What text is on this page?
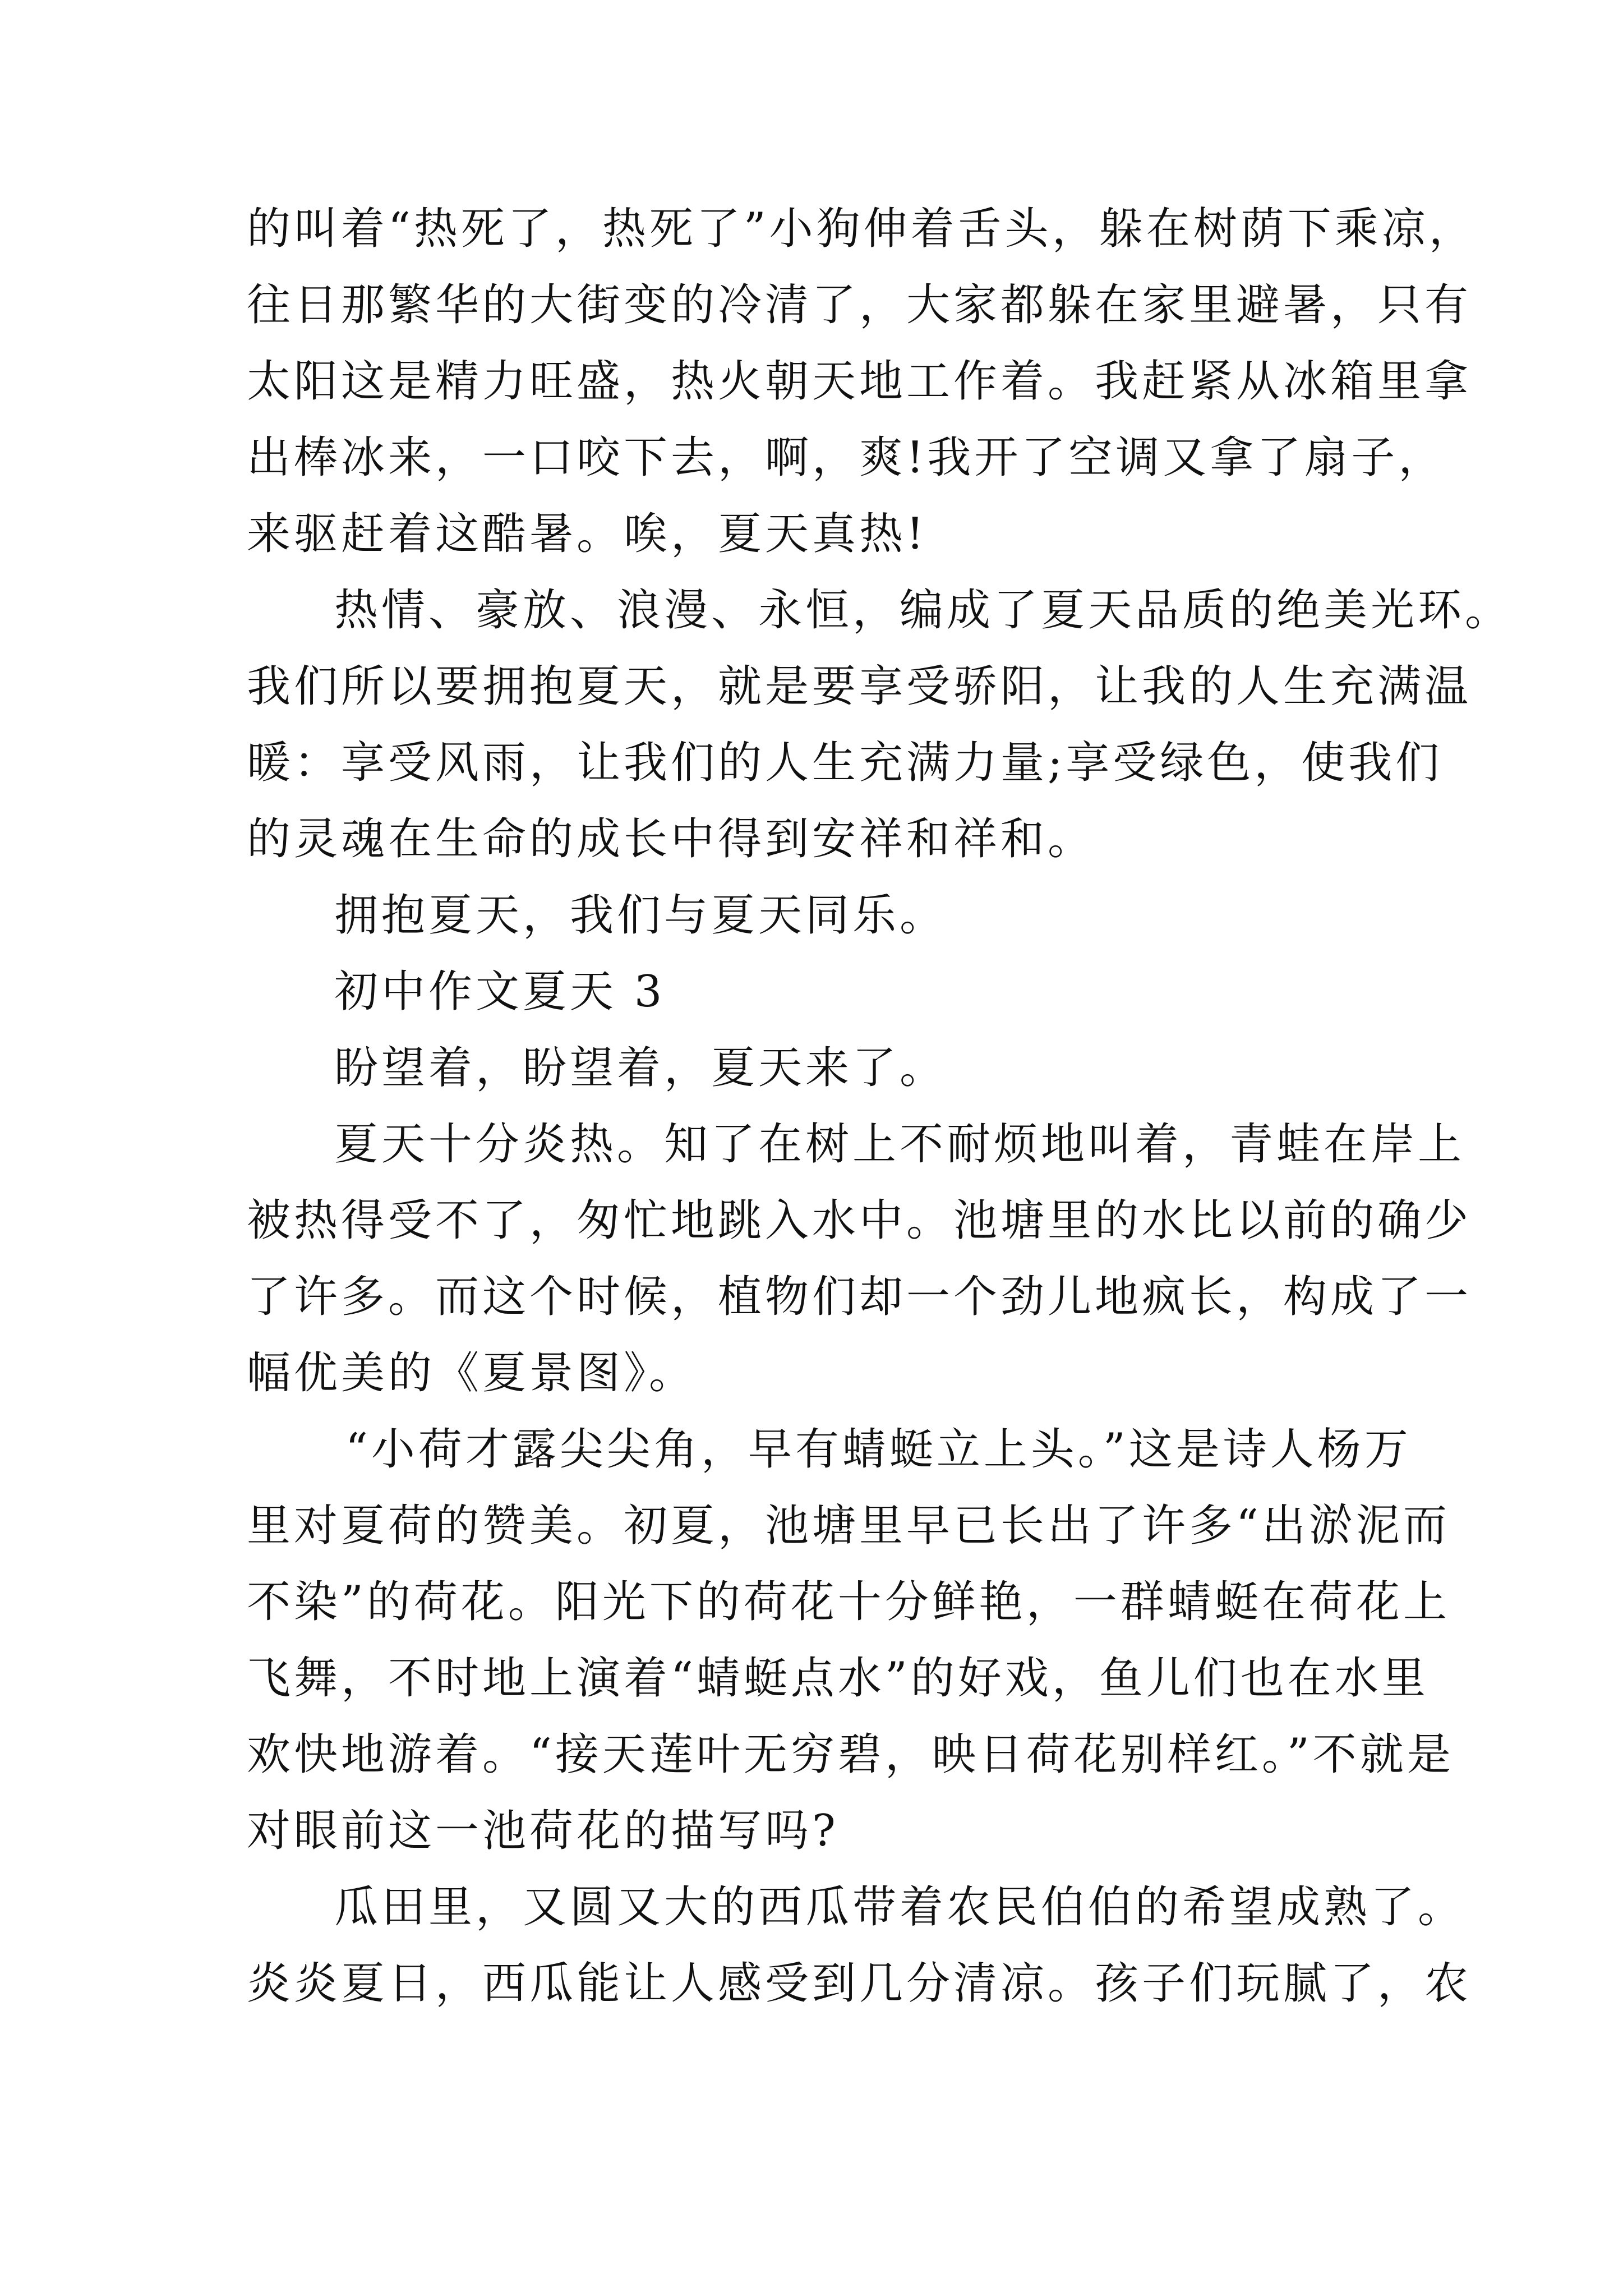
的叫着“热死了，热死了”小狗伸着舌头，躲在树荫下乘凉，
往日那繁华的大街变的冷清了，大家都躲在家里避暑，只有
太阳这是精力旺盛，热火朝天地工作着。我赶紧从冰箱里拿
出棒冰来，一口咬下去，啊，爽!我开了空调又拿了扇子，
来驱赶着这酷暑。唉，夏天真热!
热情、豪放、浪漫、永恒，编成了夏天品质的绝美光环。
我们所以要拥抱夏天，就是要享受骄阳，让我的人生充满温
暖：享受风雨，让我们的人生充满力量;享受绿色，使我们
的灵魂在生命的成长中得到安祥和祥和。
拥抱夏天，我们与夏天同乐。
初中作文夏天 3
盼望着，盼望着，夏天来了。
夏天十分炎热。知了在树上不耐烦地叫着，青蛙在岸上
被热得受不了，匆忙地跳入水中。池塘里的水比以前的确少
了许多。而这个时候，植物们却一个劲儿地疯长，构成了一
幅优美的《夏景图》。
“小荷才露尖尖角，早有蜻蜓立上头。”这是诗人杨万
里对夏荷的赞美。初夏，池塘里早已长出了许多“出淤泥而
不染”的荷花。阳光下的荷花十分鲜艳，一群蜻蜓在荷花上
飞舞，不时地上演着“蜻蜓点水”的好戏，鱼儿们也在水里
欢快地游着。“接天莲叶无穷碧，映日荷花别样红。”不就是
对眼前这一池荷花的描写吗?
瓜田里，又圆又大的西瓜带着农民伯伯的希望成熟了。
炎炎夏日，西瓜能让人感受到几分清凉。孩子们玩腻了，农
